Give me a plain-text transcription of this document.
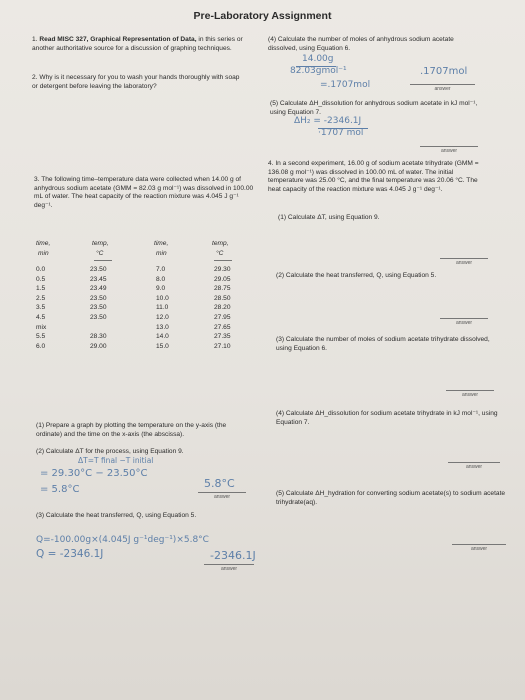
Pre-Laboratory Assignment
1. Read MISC 327, Graphical Representation of Data, in this series or another authoritative source for a discussion of graphing techniques.
2. Why is it necessary for you to wash your hands thoroughly with soap or detergent before leaving the laboratory?
(4) Calculate the number of moles of anhydrous sodium acetate dissolved, using Equation 6.
14.00g
82.03gmol⁻¹
=.1707mol
.1707mol
answer
(5) Calculate ΔH_dissolution for anhydrous sodium acetate in kJ mol⁻¹, using Equation 7.
ΔH₂ = -2346.1J
·1707 mol
answer
4. In a second experiment, 16.00 g of sodium acetate trihydrate (GMM = 136.08 g mol⁻¹) was dissolved in 100.00 mL of water. The initial temperature was 25.00 °C, and the final temperature was 20.06 °C. The heat capacity of the reaction mixture was 4.045 J g⁻¹ deg⁻¹.
(1) Calculate ΔT, using Equation 9.
answer
(2) Calculate the heat transferred, Q, using Equation 5.
answer
(3) Calculate the number of moles of sodium acetate trihydrate dissolved, using Equation 6.
answer
(4) Calculate ΔH_dissolution for sodium acetate trihydrate in kJ mol⁻¹, using Equation 7.
answer
(5) Calculate ΔH_hydration for converting sodium acetate(s) to sodium acetate trihydrate(aq).
answer
3. The following time–temperature data were collected when 14.00 g of anhydrous sodium acetate (GMM = 82.03 g mol⁻¹) was dissolved in 100.00 mL of water. The heat capacity of the reaction mixture was 4.045 J g⁻¹ deg⁻¹.
time,
min
temp,
°C
time,
min
temp,
°C
0.0
0.5
1.5
2.5
3.5
4.5
mix
5.5
6.0
23.50
23.45
23.49
23.50
23.50
23.50
28.30
29.00
7.0
8.0
9.0
10.0
11.0
12.0
13.0
14.0
15.0
29.30
29.05
28.75
28.50
28.20
27.95
27.65
27.35
27.10
(1) Prepare a graph by plotting the temperature on the y-axis (the ordinate) and the time on the x-axis (the abscissa).
(2) Calculate ΔT for the process, using Equation 9.
ΔT=T final −T initial
= 29.30°C − 23.50°C
= 5.8°C	5.8°C
answer
(3) Calculate the heat transferred, Q, using Equation 5.
Q=-100.00g×(4.045J g⁻¹deg⁻¹)×5.8°C
Q = -2346.1J	-2346.1J
answer
